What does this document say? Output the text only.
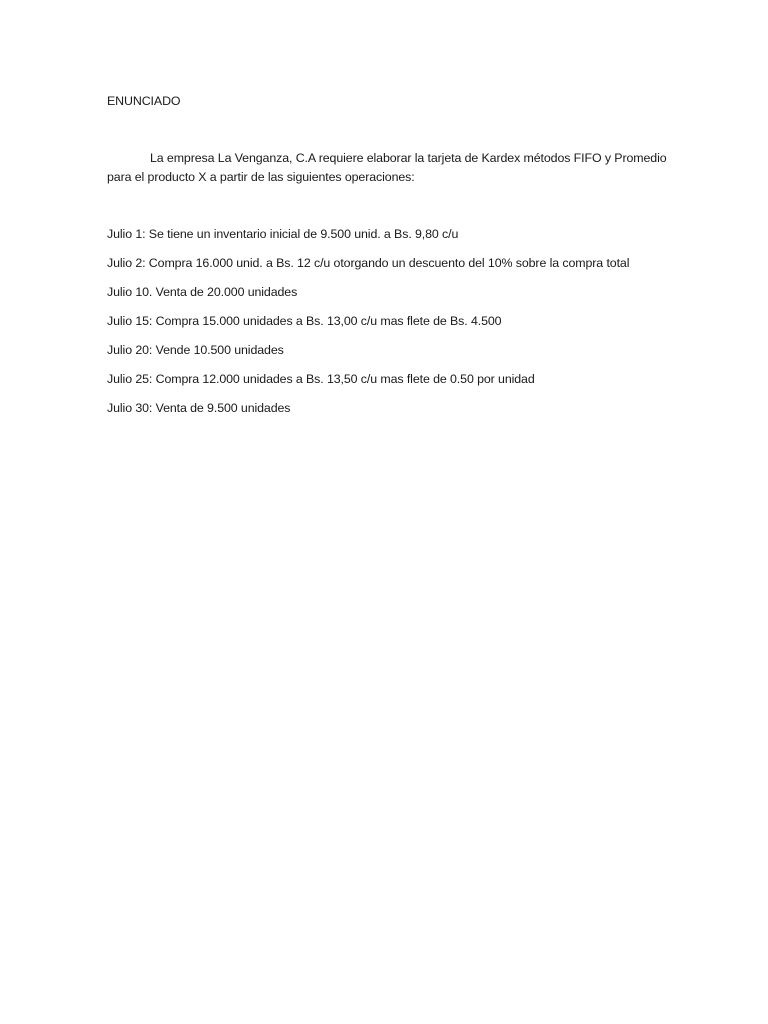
ENUNCIADO

La empresa La Venganza, C.A requiere elaborar la tarjeta de Kardex métodos FIFO y Promedio para el producto X a partir de las siguientes operaciones:

Julio 1: Se tiene un inventario inicial de 9.500 unid. a Bs. 9,80 c/u
Julio 2: Compra 16.000 unid. a Bs. 12 c/u otorgando un descuento del 10% sobre la compra total
Julio 10. Venta de 20.000 unidades
Julio 15: Compra 15.000 unidades a Bs. 13,00 c/u mas flete de Bs. 4.500
Julio 20: Vende 10.500 unidades
Julio 25: Compra 12.000 unidades a Bs. 13,50 c/u mas flete de 0.50 por unidad
Julio 30: Venta de 9.500 unidades
